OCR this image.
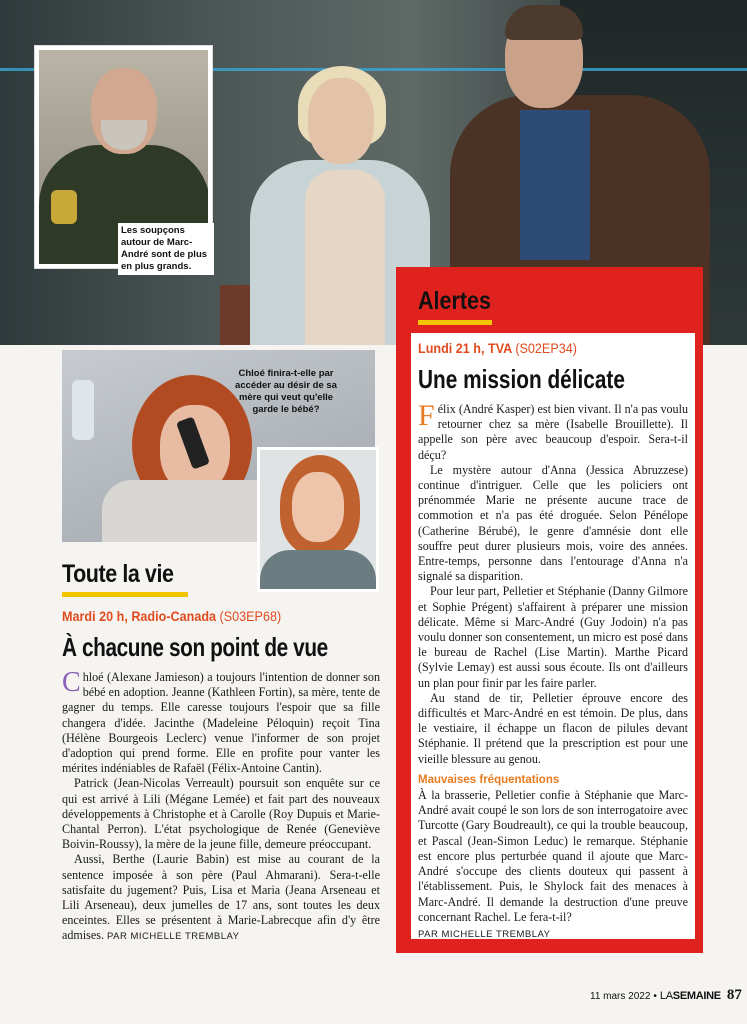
Les soupçons autour de Marc-André sont de plus en plus grands.
Alertes
Lundi 21 h, TVA (S02EP34)
Une mission délicate

Félix (André Kasper) est bien vivant. Il n'a pas voulu retourner chez sa mère (Isabelle Brouillette). Il appelle son père avec beaucoup d'espoir. Sera-t-il déçu?

Le mystère autour d'Anna (Jessica Abruzzese) continue d'intriguer. Celle que les policiers ont prénommée Marie ne présente aucune trace de commotion et n'a pas été droguée. Selon Pénélope (Catherine Bérubé), le genre d'amnésie dont elle souffre peut durer plusieurs mois, voire des années. Entre-temps, personne dans l'entourage d'Anna n'a signalé sa disparition.

Pour leur part, Pelletier et Stéphanie (Danny Gilmore et Sophie Prégent) s'affairent à préparer une mission délicate. Même si Marc-André (Guy Jodoin) n'a pas voulu donner son consentement, un micro est posé dans le bureau de Rachel (Lise Martin). Marthe Picard (Sylvie Lemay) est aussi sous écoute. Ils ont d'ailleurs un plan pour finir par les faire parler.

Au stand de tir, Pelletier éprouve encore des difficultés et Marc-André en est témoin. De plus, dans le vestiaire, il échappe un flacon de pilules devant Stéphanie. Il prétend que la prescription est pour une vieille blessure au genou.

Mauvaises fréquentations

À la brasserie, Pelletier confie à Stéphanie que Marc-André avait coupé le son lors de son interrogatoire avec Turcotte (Gary Boudreault), ce qui la trouble beaucoup, et Pascal (Jean-Simon Leduc) le remarque. Stéphanie est encore plus perturbée quand il ajoute que Marc-André s'occupe des clients douteux qui passent à l'établissement. Puis, le Shylock fait des menaces à Marc-André. Il demande la destruction d'une preuve concernant Rachel. Le fera-t-il?

PAR MICHELLE TREMBLAY

Chloé finira-t-elle par accéder au désir de sa mère qui veut qu'elle garde le bébé?
Toute la vie
Mardi 20 h, Radio-Canada (S03EP68)
À chacune son point de vue

Chloé (Alexane Jamieson) a toujours l'intention de donner son bébé en adoption. Jeanne (Kathleen Fortin), sa mère, tente de gagner du temps. Elle caresse toujours l'espoir que sa fille changera d'idée. Jacinthe (Madeleine Péloquin) reçoit Tina (Hélène Bourgeois Leclerc) venue l'informer de son projet d'adoption qui prend forme. Elle en profite pour vanter les mérites indéniables de Rafaël (Félix-Antoine Cantin).

Patrick (Jean-Nicolas Verreault) poursuit son enquête sur ce qui est arrivé à Lili (Mégane Lemée) et fait part des nouveaux développements à Christophe et à Carolle (Roy Dupuis et Marie-Chantal Perron). L'état psychologique de Renée (Geneviève Boivin-Roussy), la mère de la jeune fille, demeure préoccupant.

Aussi, Berthe (Laurie Babin) est mise au courant de la sentence imposée à son père (Paul Ahmarani). Sera-t-elle satisfaite du jugement? Puis, Lisa et Maria (Jeana Arseneau et Lili Arseneau), deux jumelles de 17 ans, sont toutes les deux enceintes. Elles se présentent à Marie-Labrecque afin d'y être admises. PAR MICHELLE TREMBLAY

11 mars 2022 • LASEMAINE 87
